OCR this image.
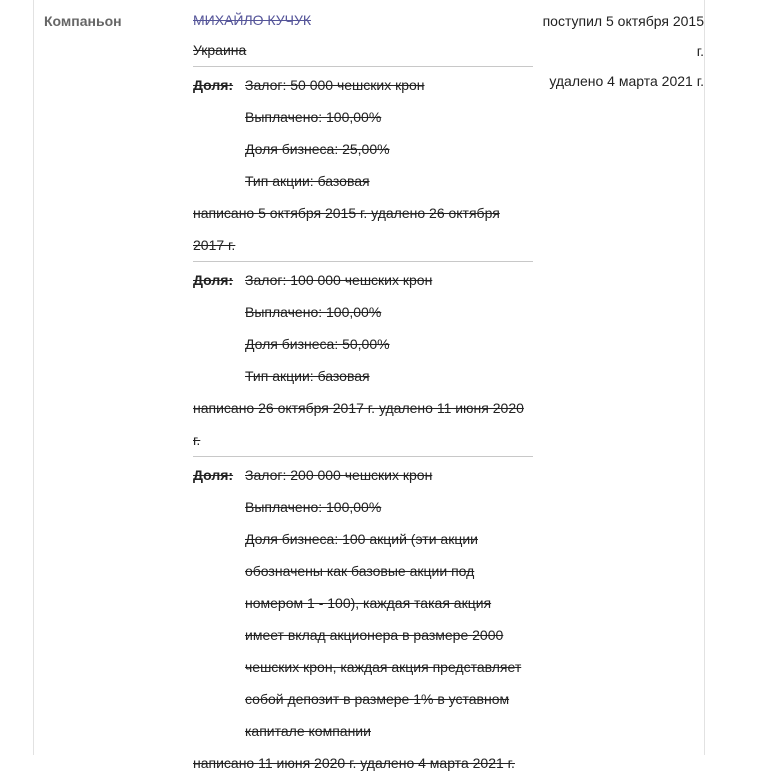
Компаньон	МИХАЙЛО КУЧУК
Украина
Доля: Залог: 50 000 чешских крон
Выплачено: 100,00%
Доля бизнеса: 25,00%
Тип акции: базовая
написано 5 октября 2015 г. удалено 26 октября 2017 г.
Доля: Залог: 100 000 чешских крон
Выплачено: 100,00%
Доля бизнеса: 50,00%
Тип акции: базовая
написано 26 октября 2017 г. удалено 11 июня 2020 г.
Доля: Залог: 200 000 чешских крон
Выплачено: 100,00%
Доля бизнеса: 100 акций (эти акции обозначены как базовые акции под номером 1 - 100), каждая такая акция имеет вклад акционера в размере 2000 чешских крон, каждая акция представляет собой депозит в размере 1% в уставном капитале компании
написано 11 июня 2020 г. удалено 4 марта 2021 г.
поступил 5 октября 2015 г.
удалено 4 марта 2021 г.
